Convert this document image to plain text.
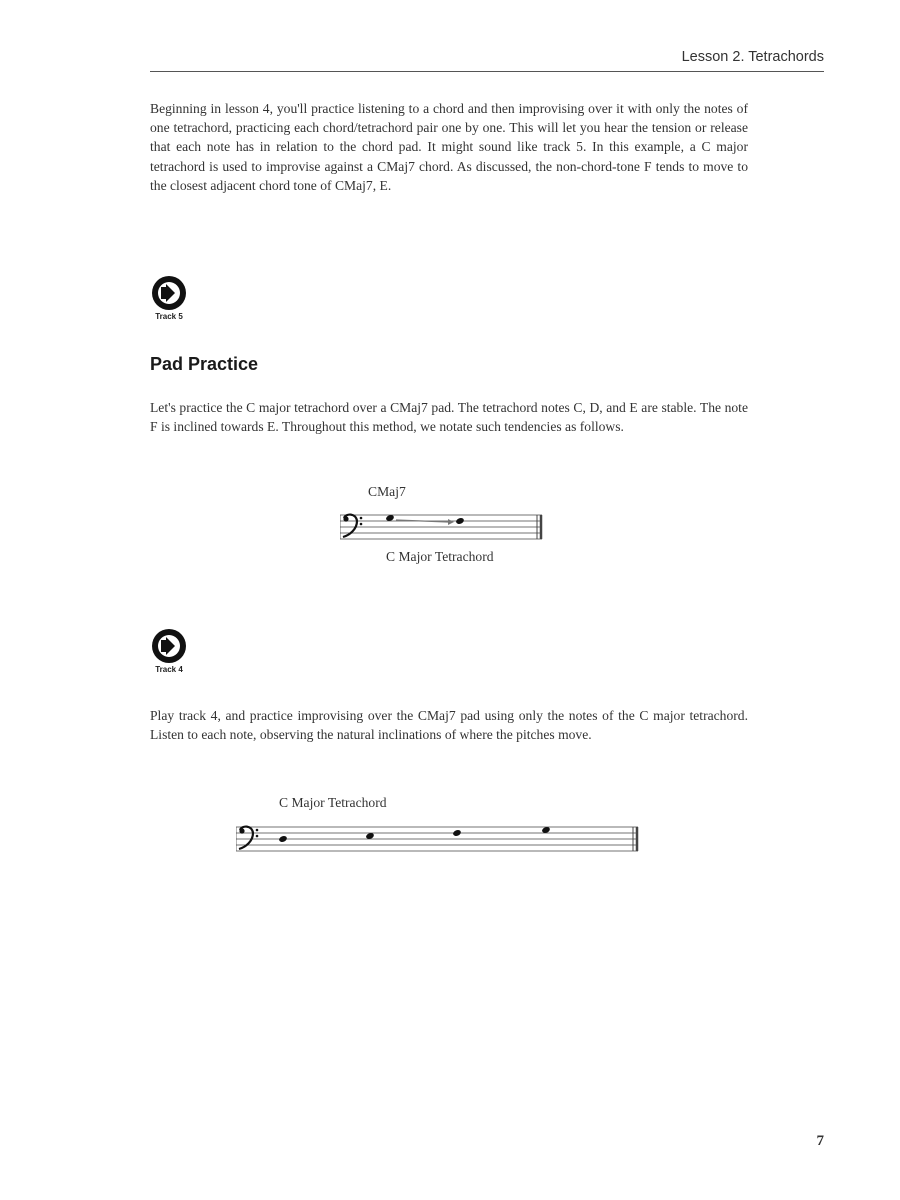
Lesson 2. Tetrachords

Beginning in lesson 4, you'll practice listening to a chord and then improvising over it with only the notes of one tetrachord, practicing each chord/tetrachord pair one by one. This will let you hear the tension or release that each note has in relation to the chord pad. It might sound like track 5. In this example, a C major tetrachord is used to improvise against a CMaj7 chord. As discussed, the non-chord-tone F tends to move to the closest adjacent chord tone of CMaj7, E.

Track 5
Pad Practice

Let's practice the C major tetrachord over a CMaj7 pad. The tetrachord notes C, D, and E are stable. The note F is inclined towards E. Throughout this method, we notate such tendencies as follows.

CMaj7
C Major Tetrachord
Track 4

Play track 4, and practice improvising over the CMaj7 pad using only the notes of the C major tetrachord. Listen to each note, observing the natural inclinations of where the pitches move.

C Major Tetrachord
7
